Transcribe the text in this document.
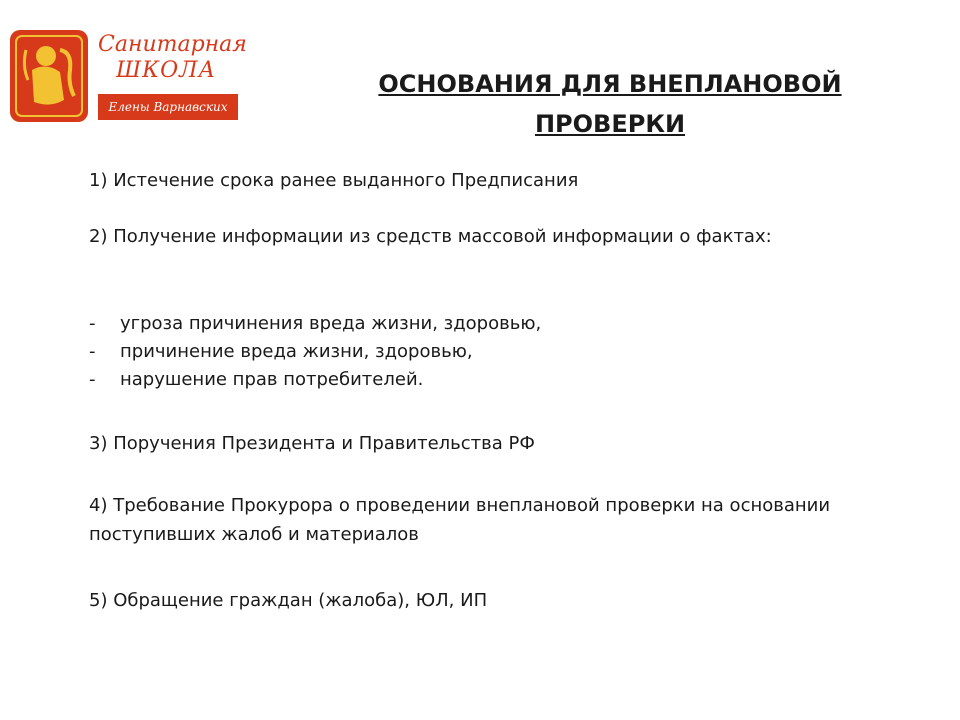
Санитарная
ШКОЛА
Елены Варнавских
ОСНОВАНИЯ ДЛЯ ВНЕПЛАНОВОЙ
ПРОВЕРКИ

1) Истечение срока ранее выданного Предписания

2) Получение информации из средств массовой информации о фактах:

- угроза причинения вреда жизни, здоровью,
- причинение вреда жизни, здоровью,
- нарушение прав потребителей.

3) Поручения Президента и Правительства РФ

4) Требование Прокурора о проведении внеплановой проверки на основании поступивших жалоб и материалов

5) Обращение граждан (жалоба), ЮЛ, ИП
